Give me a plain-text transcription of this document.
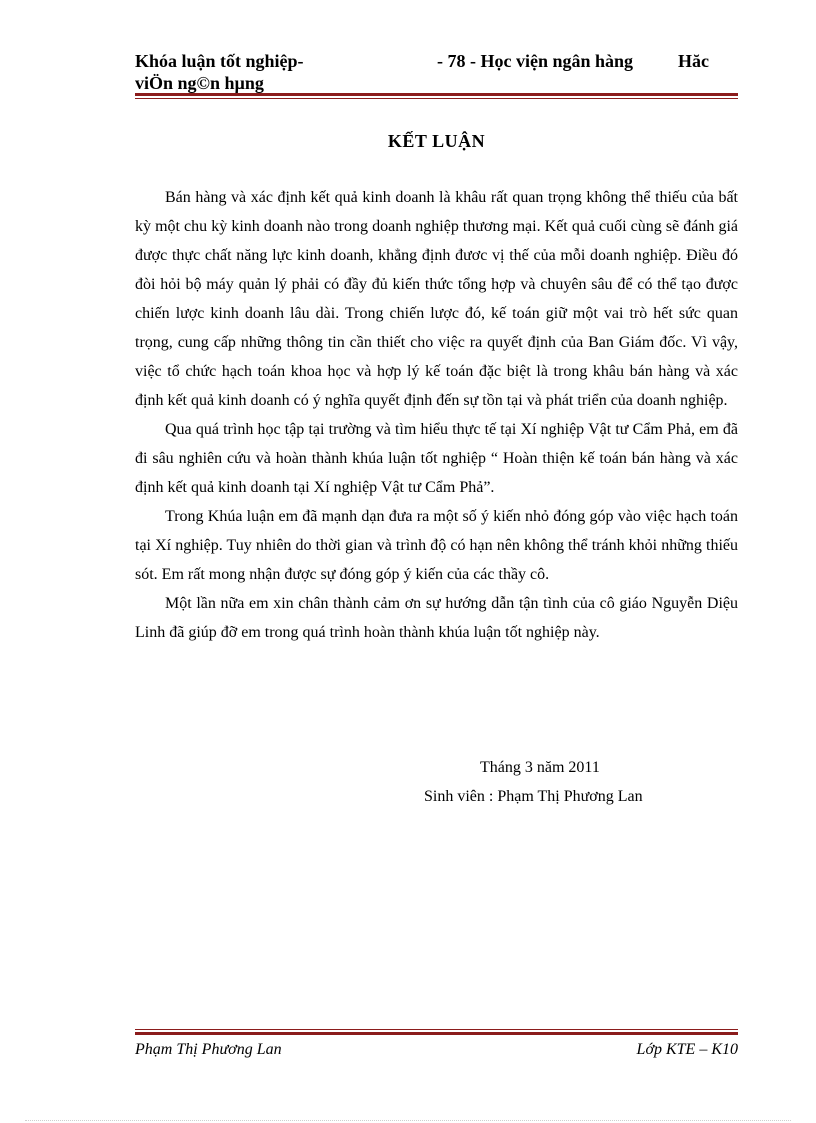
Khóa luận tốt nghiệp-	- 78 - Học viện ngân hàng Hăc
viÖn ng©n hµng
KẾT LUẬN

Bán hàng và xác định kết quả kinh doanh là khâu rất quan trọng không thể thiếu của bất kỳ một chu kỳ kinh doanh nào trong doanh nghiệp thương mại. Kết quả cuối cùng sẽ đánh giá được thực chất năng lực kinh doanh, khẳng định đươc vị thế của mỗi doanh nghiệp. Điều đó đòi hỏi bộ máy quản lý phải có đầy đủ kiến thức tổng hợp và chuyên sâu để có thể tạo được chiến lược kinh doanh lâu dài. Trong chiến lược đó, kế toán giữ một vai trò hết sức quan trọng, cung cấp những thông tin cần thiết cho việc ra quyết định của Ban Giám đốc. Vì vậy, việc tổ chức hạch toán khoa học và hợp lý kế toán đặc biệt là trong khâu bán hàng và xác định kết quả kinh doanh có ý nghĩa quyết định đến sự tồn tại và phát triển của doanh nghiệp.

Qua quá trình học tập tại trường và tìm hiểu thực tế tại Xí nghiệp Vật tư Cẩm Phả, em đã đi sâu nghiên cứu và hoàn thành khúa luận tốt nghiệp “ Hoàn thiện kế toán bán hàng và xác định kết quả kinh doanh tại Xí nghiệp Vật tư Cẩm Phả”.

Trong Khúa luận em đã mạnh dạn đưa ra một số ý kiến nhỏ đóng góp vào việc hạch toán tại Xí nghiệp. Tuy nhiên do thời gian và trình độ có hạn nên không thể tránh khỏi những thiếu sót. Em rất mong nhận được sự đóng góp ý kiến của các thầy cô.

Một lần nữa em xin chân thành cảm ơn sự hướng dẫn tận tình của cô giáo Nguyễn Diệu Linh đã giúp đỡ em trong quá trình hoàn thành khúa luận tốt nghiệp này.

Tháng 3 năm 2011
Sinh viên : Phạm Thị Phương Lan
Phạm Thị Phương Lan	Lớp KTE – K10
